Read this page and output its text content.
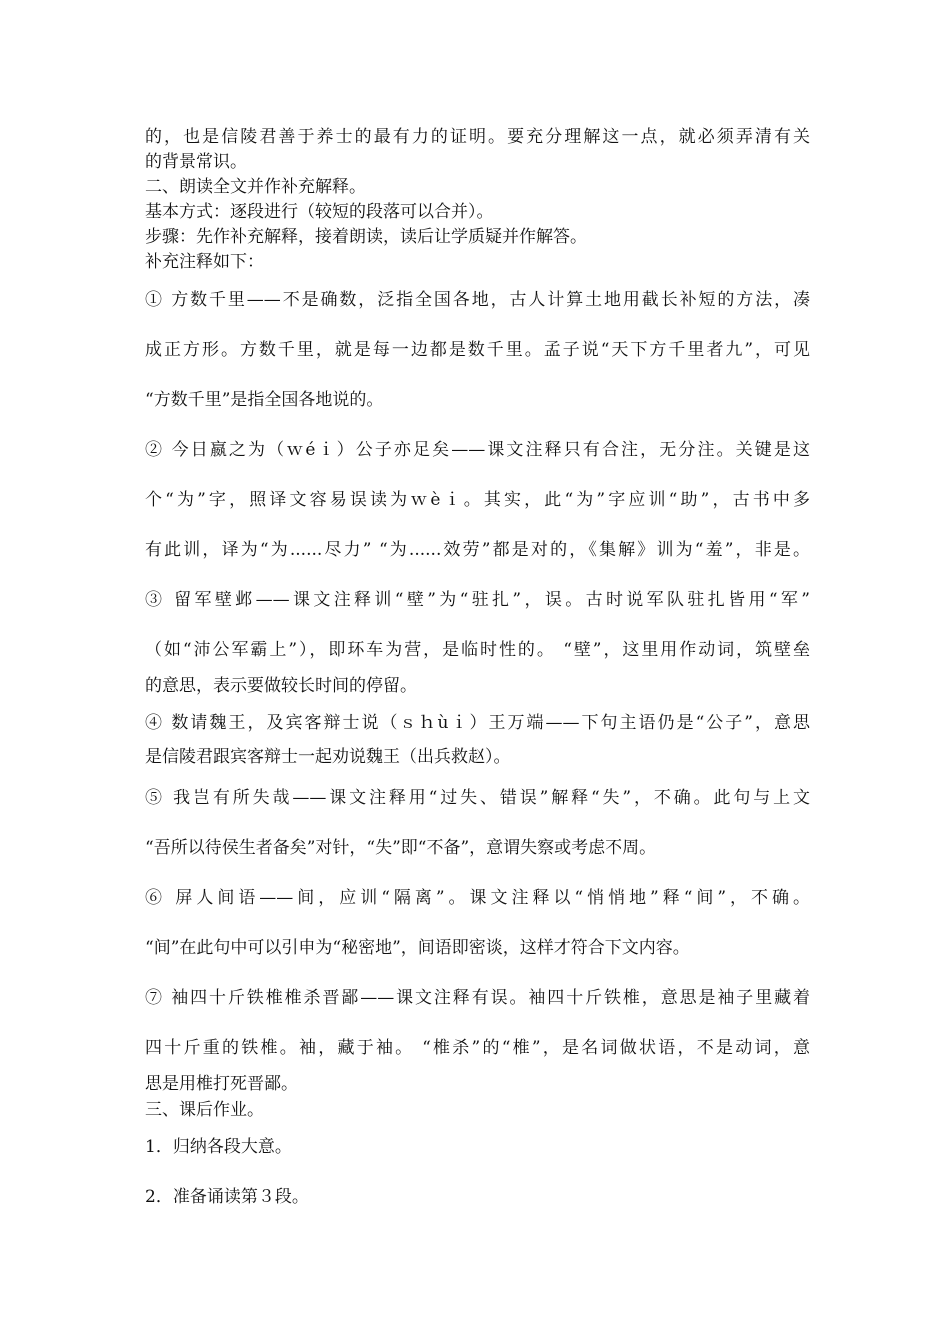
的，也是信陵君善于养士的最有力的证明。要充分理解这一点，就必须弄清有关
的背景常识。
二、朗读全文并作补充解释。
基本方式：逐段进行（较短的段落可以合并）。
步骤：先作补充解释，接着朗读，读后让学质疑并作解答。
补充注释如下：
① 方数千里——不是确数，泛指全国各地，古人计算土地用截长补短的方法，凑
成正方形。方数千里，就是每一边都是数千里。孟子说“天下方千里者九”，可见
“方数千里”是指全国各地说的。
② 今日嬴之为（ｗéｉ）公子亦足矣——课文注释只有合注，无分注。关键是这
个“为”字，照译文容易误读为ｗèｉ。其实，此“为”字应训“助”，古书中多
有此训，译为“为......尽力” “为......效劳”都是对的，《集解》训为“羞”，非是。
③ 留军壁邺——课文注释训“壁”为“驻扎”，误。古时说军队驻扎皆用“军”
（如“沛公军霸上”），即环车为营，是临时性的。 “壁”，这里用作动词，筑壁垒
的意思，表示要做较长时间的停留。
④ 数请魏王，及宾客辩士说（ｓｈùｉ）王万端——下句主语仍是“公子”，意思
是信陵君跟宾客辩士一起劝说魏王（出兵救赵）。
⑤ 我岂有所失哉——课文注释用“过失、错误”解释“失”，不确。此句与上文
“吾所以待侯生者备矣”对针，“失”即“不备”，意谓失察或考虑不周。
⑥ 屏人间语——间，应训“隔离”。课文注释以“悄悄地”释“间”，不确。
“间”在此句中可以引申为“秘密地”，间语即密谈，这样才符合下文内容。
⑦ 袖四十斤铁椎椎杀晋鄙——课文注释有误。袖四十斤铁椎，意思是袖子里藏着
四十斤重的铁椎。袖，藏于袖。 “椎杀”的“椎”，是名词做状语，不是动词，意
思是用椎打死晋鄙。
三、课后作业。
1．归纳各段大意。
2．准备诵读第３段。
